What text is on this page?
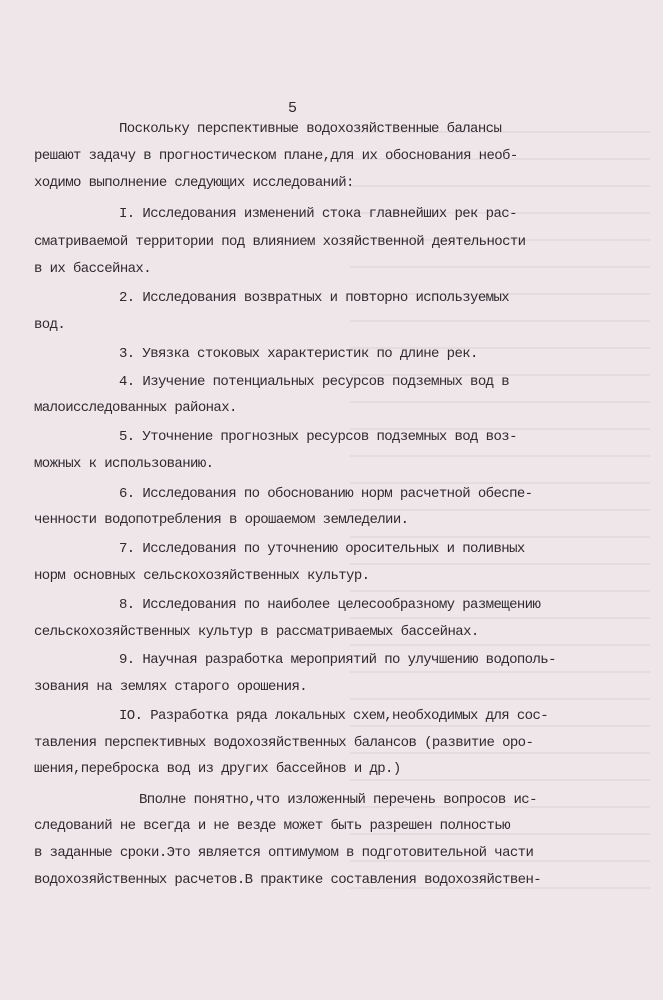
5
Поскольку перспективные водохозяйственные балансы
решают задачу в прогностическом плане,для их обоснования необ-
ходимо выполнение следующих исследований:
I. Исследования изменений стока главнейших рек рас-
сматриваемой территории под влиянием хозяйственной деятельности
в их бассейнах.
2. Исследования возвратных и повторно используемых
вод.
3. Увязка стоковых характеристик по длине рек.
4. Изучение потенциальных ресурсов подземных вод в
малоисследованных районах.
5. Уточнение прогнозных ресурсов подземных вод воз-
можных к использованию.
6. Исследования по обоснованию норм расчетной обеспе-
ченности водопотребления в орошаемом земледелии.
7. Исследования по уточнению оросительных и поливных
норм основных сельскохозяйственных культур.
8. Исследования по наиболее целесообразному размещению
сельскохозяйственных культур в рассматриваемых бассейнах.
9. Научная разработка мероприятий по улучшению водополь-
зования на землях старого орошения.
IO. Разработка ряда локальных схем,необходимых для сос-
тавления перспективных водохозяйственных балансов (развитие оро-
шения,переброска вод из других бассейнов и др.)
Вполне понятно,что изложенный перечень вопросов ис-
следований не всегда и не везде может быть разрешен полностью
в заданные сроки.Это является оптимумом в подготовительной части
водохозяйственных расчетов.В практике составления водохозяйствен-
